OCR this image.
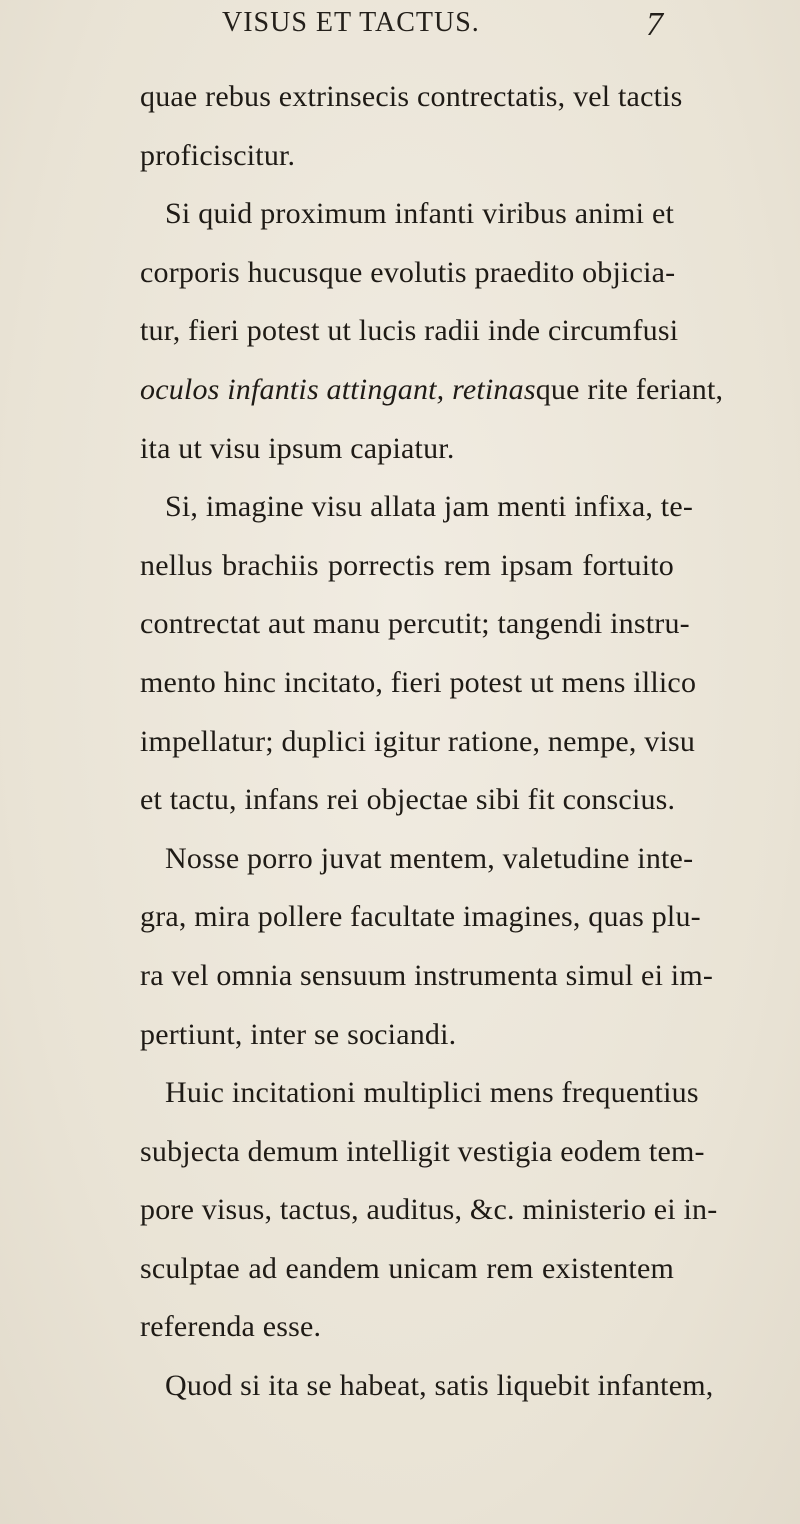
VISUS ET TACTUS.	7
quae rebus extrinsecis contrectatis, vel tactis
proficiscitur.
Si quid proximum infanti viribus animi et
corporis hucusque evolutis praedito objicia-
tur, fieri potest ut lucis radii inde circumfusi
oculos infantis attingant, retinasque rite feriant,
ita ut visu ipsum capiatur.
Si, imagine visu allata jam menti infixa, te-
nellus brachiis porrectis rem ipsam fortuito
contrectat aut manu percutit; tangendi instru-
mento hinc incitato, fieri potest ut mens illico
impellatur; duplici igitur ratione, nempe, visu
et tactu, infans rei objectae sibi fit conscius.
Nosse porro juvat mentem, valetudine inte-
gra, mira pollere facultate imagines, quas plu-
ra vel omnia sensuum instrumenta simul ei im-
pertiunt, inter se sociandi.
Huic incitationi multiplici mens frequentius
subjecta demum intelligit vestigia eodem tem-
pore visus, tactus, auditus, &c. ministerio ei in-
sculptae ad eandem unicam rem existentem
referenda esse.
Quod si ita se habeat, satis liquebit infantem,
